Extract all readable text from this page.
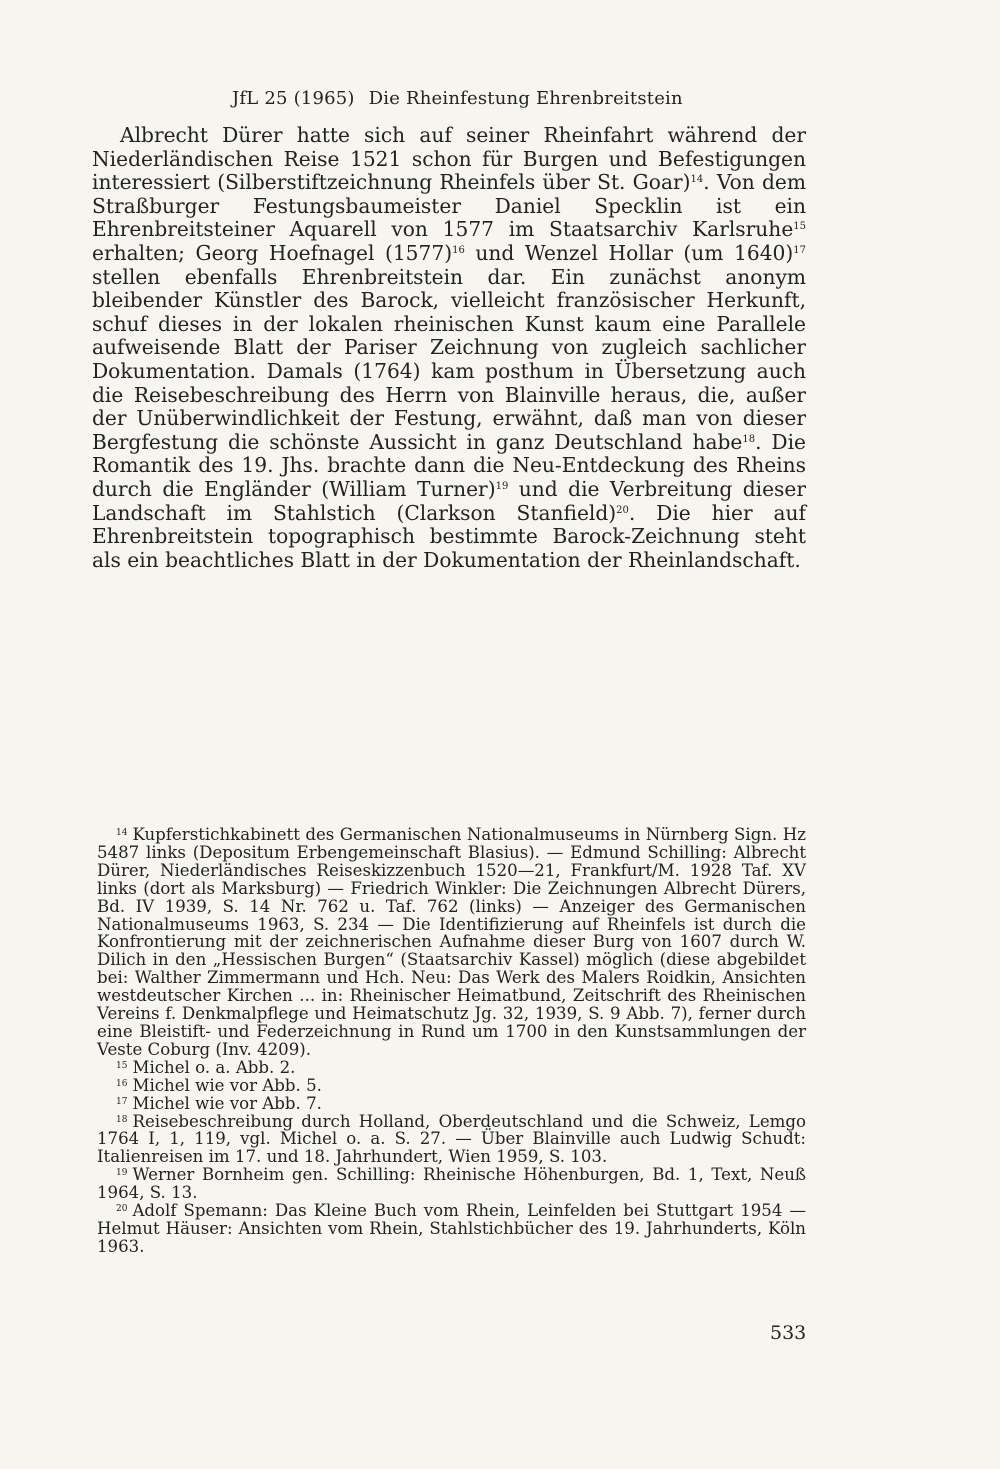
JfL 25 (1965) Die Rheinfestung Ehrenbreitstein

Albrecht Dürer hatte sich auf seiner Rheinfahrt während der Niederländischen Reise 1521 schon für Burgen und Befestigungen interessiert (Silberstiftzeichnung Rheinfels über St. Goar)$^{14}$. Von dem Straßburger Festungsbaumeister Daniel Specklin ist ein Ehrenbreitsteiner Aquarell von 1577 im Staatsarchiv Karlsruhe$^{15}$ erhalten; Georg Hoefnagel $(1577)^{16}$ und Wenzel Hollar (um 1640)$^{17}$ stellen ebenfalls Ehrenbreitstein dar. Ein zunächst anonym bleibender Künstler des Barock, vielleicht französischer Herkunft, schuf dieses in der lokalen rheinischen Kunst kaum eine Parallele aufweisende Blatt der Pariser Zeichnung von zugleich sachlicher Dokumentation. Damals (1764) kam posthum in Übersetzung auch die Reisebeschreibung des Herrn von Blainville heraus, die, außer der Unüberwindlichkeit der Festung, erwähnt, daß man von dieser Bergfestung die schönste Aussicht in ganz Deutschland habe$^{18}$. Die Romantik des 19. Jhs. brachte dann die Neu-Entdeckung des Rheins durch die Engländer (William Turner)$^{19}$ und die Verbreitung dieser Landschaft im Stahlstich (Clarkson Stanfield)$^{20}$. Die hier auf Ehrenbreitstein topographisch bestimmte Barock-Zeichnung steht als ein beachtliches Blatt in der Dokumentation der Rheinlandschaft.

$^{14}$ Kupferstichkabinett des Germanischen Nationalmuseums in Nürnberg Sign. Hz 5487 links (Depositum Erbengemeinschaft Blasius). — Edmund Schilling: Albrecht Dürer, Niederländisches Reiseskizzenbuch 1520—21, Frankfurt/M. 1928 Taf. XV links (dort als Marksburg) — Friedrich Winkler: Die Zeichnungen Albrecht Dürers, Bd. IV 1939, S. 14 Nr. 762 u. Taf. 762 (links) — Anzeiger des Germanischen Nationalmuseums 1963, S. 234 — Die Identifizierung auf Rheinfels ist durch die Konfrontierung mit der zeichnerischen Aufnahme dieser Burg von 1607 durch W. Dilich in den „Hessischen Burgen“ (Staatsarchiv Kassel) möglich (diese abgebildet bei: Walther Zimmermann und Hch. Neu: Das Werk des Malers Roidkin, Ansichten westdeutscher Kirchen ... in: Rheinischer Heimatbund, Zeitschrift des Rheinischen Vereins f. Denkmalpflege und Heimatschutz Jg. 32, 1939, S. 9 Abb. 7), ferner durch eine Bleistift- und Federzeichnung in Rund um 1700 in den Kunstsammlungen der Veste Coburg (Inv. 4209).

$^{15}$ Michel o. a. Abb. 2.

$^{16}$ Michel wie vor Abb. 5.

$^{17}$ Michel wie vor Abb. 7.

$^{18}$ Reisebeschreibung durch Holland, Oberdeutschland und die Schweiz, Lemgo 1764 I, 1, 119, vgl. Michel o. a. S. 27. — Über Blainville auch Ludwig Schudt: Italienreisen im 17. und 18. Jahrhundert, Wien 1959, S. 103.

$^{19}$ Werner Bornheim gen. Schilling: Rheinische Höhenburgen, Bd. 1, Text, Neuß 1964, S. 13.

$^{20}$ Adolf Spemann: Das Kleine Buch vom Rhein, Leinfelden bei Stuttgart 1954 — Helmut Häuser: Ansichten vom Rhein, Stahlstichbücher des 19. Jahrhunderts, Köln 1963.

533
